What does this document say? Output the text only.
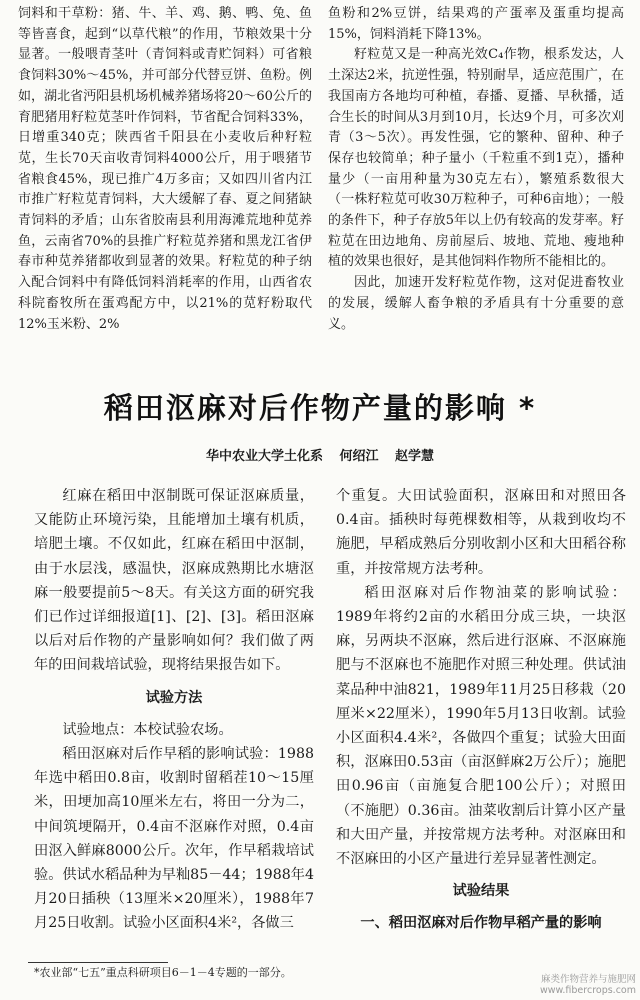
饲料和干草粉：猪、牛、羊、鸡、鹅、鸭、兔、鱼等皆喜食，起到“以草代粮”的作用，节粮效果十分显著。一般喂青茎叶（青饲料或青贮饲料）可省粮食饲料30%～45%，并可部分代替豆饼、鱼粉。例如，湖北省沔阳县机场机械养猪场将20～60公斤的育肥猪用籽粒苋茎叶作饲料，节省配合饲料33%，日增重340克；陕西省千阳县在小麦收后种籽粒苋，生长70天亩收青饲料4000公斤，用于喂猪节省粮食45%，现已推广4万多亩；又如四川省内江市推广籽粒苋青饲料，大大缓解了春、夏之间猪缺青饲料的矛盾；山东省胶南县利用海滩荒地种苋养鱼，云南省70%的县推广籽粒苋养猪和黑龙江省伊春市种苋养猪都收到显著的效果。籽粒苋的种子纳入配合饲料中有降低饲料消耗率的作用，山西省农科院畜牧所在蛋鸡配方中，以21%的苋籽粉取代12%玉米粉、2%

鱼粉和2%豆饼，结果鸡的产蛋率及蛋重均提高15%，饲料消耗下降13%。

籽粒苋又是一种高光效C₄作物，根系发达，人土深达2米，抗逆性强，特别耐旱，适应范围广，在我国南方各地均可种植，春播、夏播、早秋播，适合生长的时间从3月到10月，长达9个月，可多次刈青（3～5次）。再发性强，它的繁种、留种、种子保存也较简单；种子量小（千粒重不到1克），播种量少（一亩用种量为30克左右），繁殖系数很大（一株籽粒苋可收30万粒种子，可种6亩地）；一般的条件下，种子存放5年以上仍有较高的发芽率。籽粒苋在田边地角、房前屋后、坡地、荒地、瘦地种植的效果也很好，是其他饲料作物所不能相比的。

因此，加速开发籽粒苋作物，这对促进畜牧业的发展，缓解人畜争粮的矛盾具有十分重要的意义。

稻田沤麻对后作物产量的影响 *
华中农业大学土化系 何绍江 赵学慧

红麻在稻田中沤制既可保证沤麻质量，又能防止环境污染，且能增加土壤有机质，培肥土壤。不仅如此，红麻在稻田中沤制，由于水层浅，感温快，沤麻成熟期比水塘沤麻一般要提前5～8天。有关这方面的研究我们已作过详细报道[1]、[2]、[3]。稻田沤麻以后对后作物的产量影响如何？我们做了两年的田间栽培试验，现将结果报告如下。

试验方法

试验地点：本校试验农场。

稻田沤麻对后作早稻的影响试验：1988年选中稻田0.8亩，收割时留稻茬10～15厘米，田埂加高10厘米左右，将田一分为二，中间筑埂隔开，0.4亩不沤麻作对照，0.4亩田沤入鲜麻8000公斤。次年，作早稻栽培试验。供试水稻品种为早籼85－44；1988年4月20日插秧（13厘米×20厘米），1988年7月25日收割。试验小区面积4米²，各做三

个重复。大田试验面积，沤麻田和对照田各0.4亩。插秧时每蔸棵数相等，从栽到收均不施肥，早稻成熟后分别收割小区和大田稻谷称重，并按常规方法考种。

稻田沤麻对后作物油菜的影响试验：1989年将约2亩的水稻田分成三块，一块沤麻，另两块不沤麻，然后进行沤麻、不沤麻施肥与不沤麻也不施肥作对照三种处理。供试油菜品种中油821，1989年11月25日移栽（20厘米×22厘米），1990年5月13日收割。试验小区面积4.4米²，各做四个重复；试验大田面积，沤麻田0.53亩（亩沤鲜麻2万公斤）；施肥田0.96亩（亩施复合肥100公斤）；对照田（不施肥）0.36亩。油菜收割后计算小区产量和大田产量，并按常规方法考种。对沤麻田和不沤麻田的小区产量进行差异显著性测定。

试验结果

一、稻田沤麻对后作物早稻产量的影响

*农业部“七五”重点科研项目6－1－4专题的一部分。
麻类作物营养与施肥网 www.fibercrops.com
